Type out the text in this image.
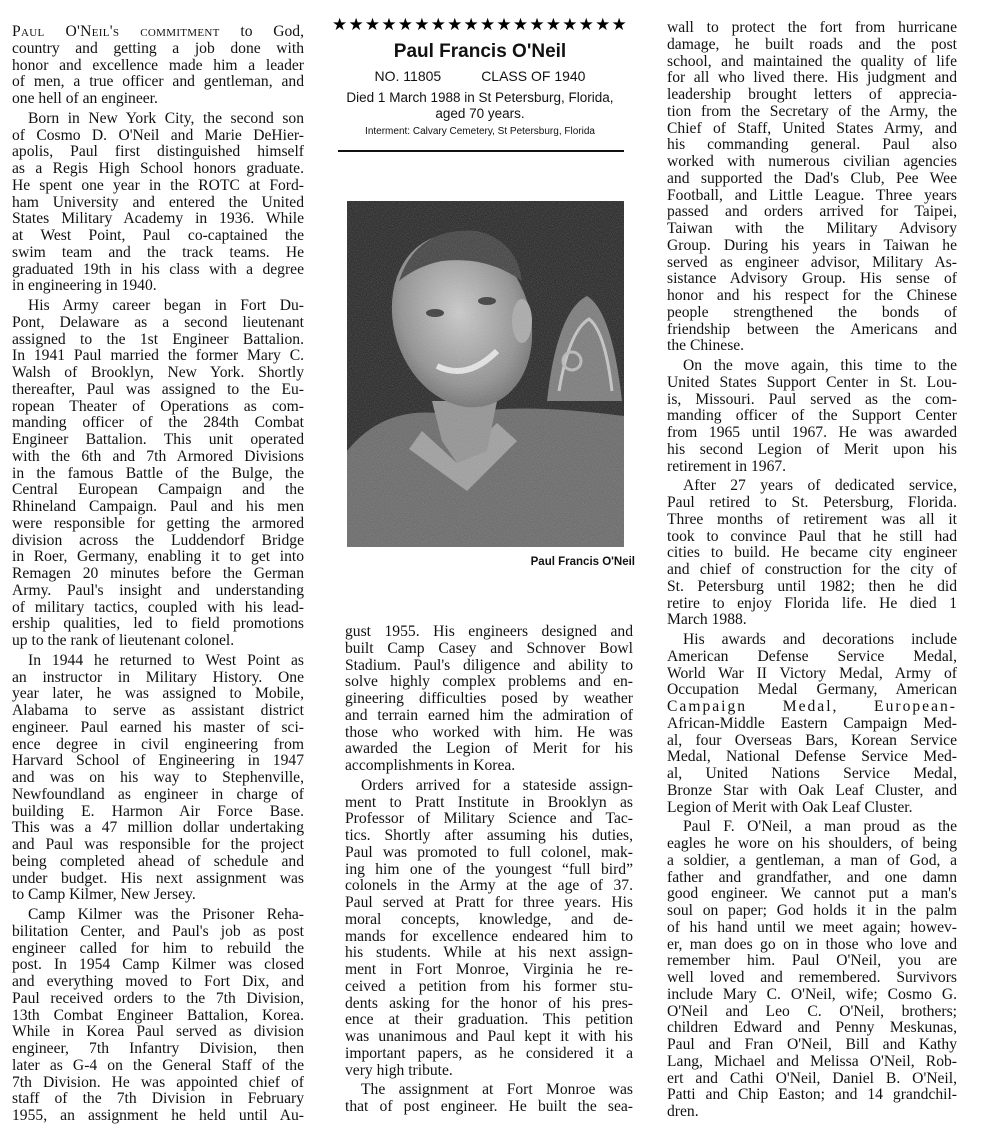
★★★★★★★★★★★★★★★★★★
Paul Francis O'Neil
NO. 11805	CLASS OF 1940
Died 1 March 1988 in St Petersburg, Florida,
aged 70 years.
Interment: Calvary Cemetery, St Petersburg, Florida
Paul Francis O'Neil
Paul O'Neil's commitment to God,
country and getting a job done with
honor and excellence made him a leader
of men, a true officer and gentleman, and
one hell of an engineer.
Born in New York City, the second son
of Cosmo D. O'Neil and Marie DeHier-
apolis, Paul first distinguished himself
as a Regis High School honors graduate.
He spent one year in the ROTC at Ford-
ham University and entered the United
States Military Academy in 1936. While
at West Point, Paul co-captained the
swim team and the track teams. He
graduated 19th in his class with a degree
in engineering in 1940.
His Army career began in Fort Du-
Pont, Delaware as a second lieutenant
assigned to the 1st Engineer Battalion.
In 1941 Paul married the former Mary C.
Walsh of Brooklyn, New York. Shortly
thereafter, Paul was assigned to the Eu-
ropean Theater of Operations as com-
manding officer of the 284th Combat
Engineer Battalion. This unit operated
with the 6th and 7th Armored Divisions
in the famous Battle of the Bulge, the
Central European Campaign and the
Rhineland Campaign. Paul and his men
were responsible for getting the armored
division across the Luddendorf Bridge
in Roer, Germany, enabling it to get into
Remagen 20 minutes before the German
Army. Paul's insight and understanding
of military tactics, coupled with his lead-
ership qualities, led to field promotions
up to the rank of lieutenant colonel.
In 1944 he returned to West Point as
an instructor in Military History. One
year later, he was assigned to Mobile,
Alabama to serve as assistant district
engineer. Paul earned his master of sci-
ence degree in civil engineering from
Harvard School of Engineering in 1947
and was on his way to Stephenville,
Newfoundland as engineer in charge of
building E. Harmon Air Force Base.
This was a 47 million dollar undertaking
and Paul was responsible for the project
being completed ahead of schedule and
under budget. His next assignment was
to Camp Kilmer, New Jersey.
Camp Kilmer was the Prisoner Reha-
bilitation Center, and Paul's job as post
engineer called for him to rebuild the
post. In 1954 Camp Kilmer was closed
and everything moved to Fort Dix, and
Paul received orders to the 7th Division,
13th Combat Engineer Battalion, Korea.
While in Korea Paul served as division
engineer, 7th Infantry Division, then
later as G-4 on the General Staff of the
7th Division. He was appointed chief of
staff of the 7th Division in February
1955, an assignment he held until Au-
gust 1955. His engineers designed and
built Camp Casey and Schnover Bowl
Stadium. Paul's diligence and ability to
solve highly complex problems and en-
gineering difficulties posed by weather
and terrain earned him the admiration of
those who worked with him. He was
awarded the Legion of Merit for his
accomplishments in Korea.
Orders arrived for a stateside assign-
ment to Pratt Institute in Brooklyn as
Professor of Military Science and Tac-
tics. Shortly after assuming his duties,
Paul was promoted to full colonel, mak-
ing him one of the youngest “full bird”
colonels in the Army at the age of 37.
Paul served at Pratt for three years. His
moral concepts, knowledge, and de-
mands for excellence endeared him to
his students. While at his next assign-
ment in Fort Monroe, Virginia he re-
ceived a petition from his former stu-
dents asking for the honor of his pres-
ence at their graduation. This petition
was unanimous and Paul kept it with his
important papers, as he considered it a
very high tribute.
The assignment at Fort Monroe was
that of post engineer. He built the sea-
wall to protect the fort from hurricane
damage, he built roads and the post
school, and maintained the quality of life
for all who lived there. His judgment and
leadership brought letters of apprecia-
tion from the Secretary of the Army, the
Chief of Staff, United States Army, and
his commanding general. Paul also
worked with numerous civilian agencies
and supported the Dad's Club, Pee Wee
Football, and Little League. Three years
passed and orders arrived for Taipei,
Taiwan with the Military Advisory
Group. During his years in Taiwan he
served as engineer advisor, Military As-
sistance Advisory Group. His sense of
honor and his respect for the Chinese
people strengthened the bonds of
friendship between the Americans and
the Chinese.
On the move again, this time to the
United States Support Center in St. Lou-
is, Missouri. Paul served as the com-
manding officer of the Support Center
from 1965 until 1967. He was awarded
his second Legion of Merit upon his
retirement in 1967.
After 27 years of dedicated service,
Paul retired to St. Petersburg, Florida.
Three months of retirement was all it
took to convince Paul that he still had
cities to build. He became city engineer
and chief of construction for the city of
St. Petersburg until 1982; then he did
retire to enjoy Florida life. He died 1
March 1988.
His awards and decorations include
American Defense Service Medal,
World War II Victory Medal, Army of
Occupation Medal Germany, American
Campaign Medal, European-
African-Middle Eastern Campaign Med-
al, four Overseas Bars, Korean Service
Medal, National Defense Service Med-
al, United Nations Service Medal,
Bronze Star with Oak Leaf Cluster, and
Legion of Merit with Oak Leaf Cluster.
Paul F. O'Neil, a man proud as the
eagles he wore on his shoulders, of being
a soldier, a gentleman, a man of God, a
father and grandfather, and one damn
good engineer. We cannot put a man's
soul on paper; God holds it in the palm
of his hand until we meet again; howev-
er, man does go on in those who love and
remember him. Paul O'Neil, you are
well loved and remembered. Survivors
include Mary C. O'Neil, wife; Cosmo G.
O'Neil and Leo C. O'Neil, brothers;
children Edward and Penny Meskunas,
Paul and Fran O'Neil, Bill and Kathy
Lang, Michael and Melissa O'Neil, Rob-
ert and Cathi O'Neil, Daniel B. O'Neil,
Patti and Chip Easton; and 14 grandchil-
dren.
